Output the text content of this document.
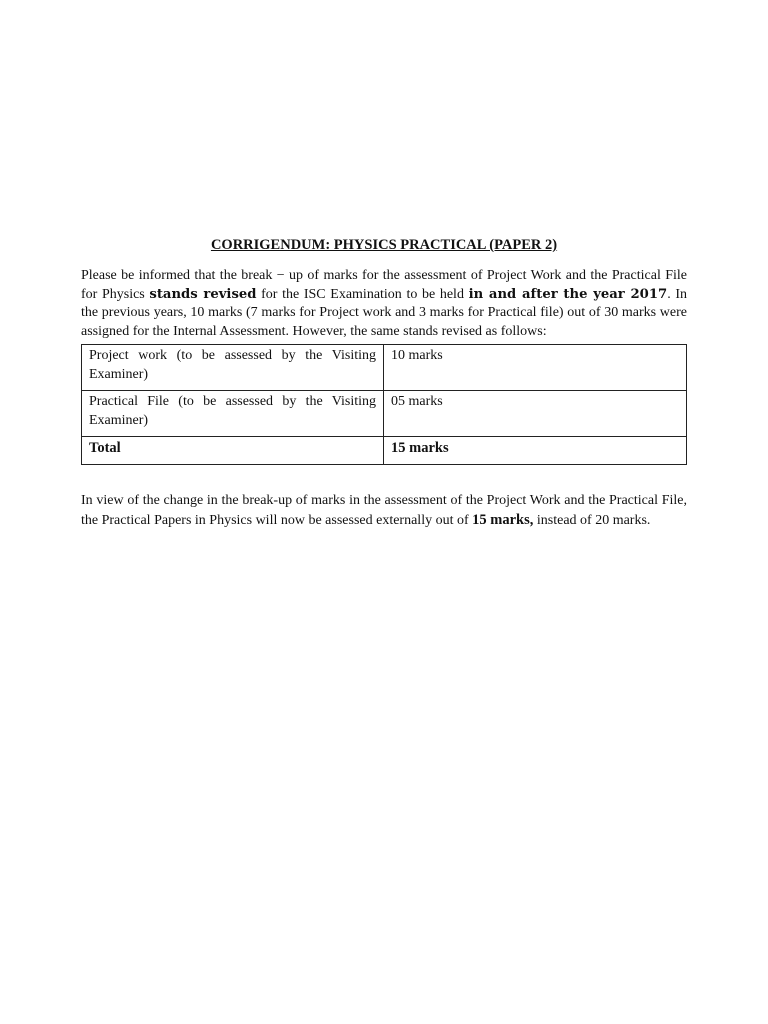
CORRIGENDUM: PHYSICS PRACTICAL (PAPER 2)

Please be informed that the break − up of marks for the assessment of Project Work and the Practical File for Physics stands revised for the ISC Examination to be held in and after the year 2017. In the previous years, 10 marks (7 marks for Project work and 3 marks for Practical file) out of 30 marks were assigned for the Internal Assessment. However, the same stands revised as follows:

Project work (to be assessed by the Visiting Examiner)	10 marks
Practical File (to be assessed by the Visiting Examiner)	05 marks
Total	15 marks

In view of the change in the break-up of marks in the assessment of the Project Work and the Practical File, the Practical Papers in Physics will now be assessed externally out of 15 marks, instead of 20 marks.
